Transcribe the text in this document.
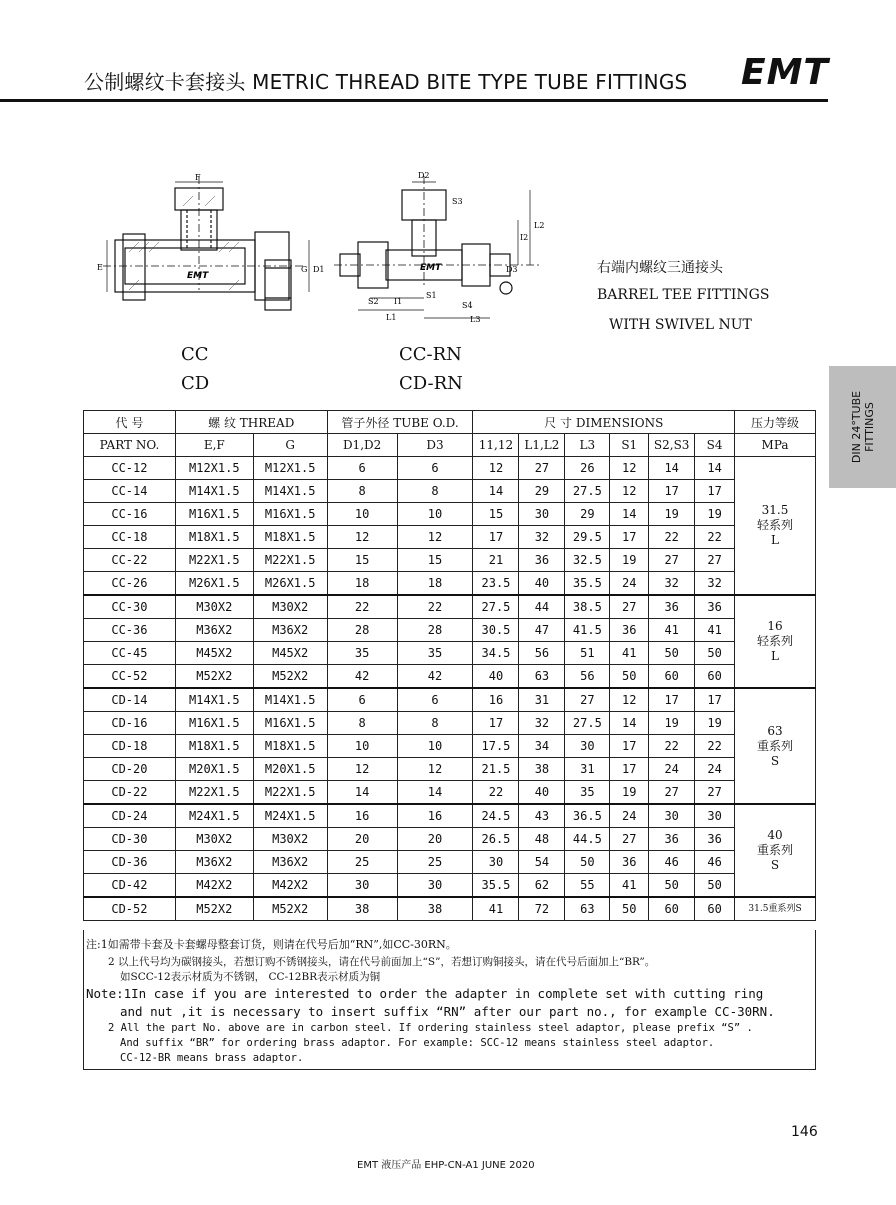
公制螺纹卡套接头 METRIC THREAD BITE TYPE TUBE FITTINGS EMT
DIN 24°TUBE FITTINGS
F
E	G D1
EMT
D2
S3
L2
I2
D3
S2 I1
S1
S4
L1	L3
EMT	右端内螺纹三通接头
BARREL TEE FITTINGS
WITH SWIVEL NUT
CC
CD
CC-RN
CD-RN
代 号	螺 纹 THREAD		管子外径 TUBE O.D.		尺 寸 DIMENSIONS						压力等级
PART NO.	E,F	G	D1,D2	D3	11,12	L1,L2	L3	S1	S2,S3	S4	MPa
CC-12	M12X1.5	M12X1.5	6	6	12	27	26	12	14	14	31.5
轻系列
L

CC-14	M14X1.5	M14X1.5	8	8	14	29	27.5	12	17	17	
CC-16	M16X1.5	M16X1.5	10	10	15	30	29	14	19	19	
CC-18	M18X1.5	M18X1.5	12	12	17	32	29.5	17	22	22	
CC-22	M22X1.5	M22X1.5	15	15	21	36	32.5	19	27	27	
CC-26	M26X1.5	M26X1.5	18	18	23.5	40	35.5	24	32	32	
CC-30	M30X2	M30X2	22	22	27.5	44	38.5	27	36	36	16
轻系列
L

CC-36	M36X2	M36X2	28	28	30.5	47	41.5	36	41	41	
CC-45	M45X2	M45X2	35	35	34.5	56	51	41	50	50	
CC-52	M52X2	M52X2	42	42	40	63	56	50	60	60	
CD-14	M14X1.5	M14X1.5	6	6	16	31	27	12	17	17	63
重系列
S

CD-16	M16X1.5	M16X1.5	8	8	17	32	27.5	14	19	19	
CD-18	M18X1.5	M18X1.5	10	10	17.5	34	30	17	22	22	
CD-20	M20X1.5	M20X1.5	12	12	21.5	38	31	17	24	24	
CD-22	M22X1.5	M22X1.5	14	14	22	40	35	19	27	27	
CD-24	M24X1.5	M24X1.5	16	16	24.5	43	36.5	24	30	30	40
重系列
S

CD-30	M30X2	M30X2	20	20	26.5	48	44.5	27	36	36	
CD-36	M36X2	M36X2	25	25	30	54	50	36	46	46	
CD-42	M42X2	M42X2	30	30	35.5	62	55	41	50	50	
CD-52	M52X2	M52X2	38	38	41	72	63	50	60	60	31.5重系列S
注:1如需带卡套及卡套螺母整套订货，则请在代号后加“RN”,如CC-30RN。
2 以上代号均为碳钢接头，若想订购不锈钢接头，请在代号前面加上“S”，若想订购铜接头，请在代号后面加上“BR”。
如SCC-12表示材质为不锈钢， CC-12BR表示材质为铜
Note:1In case if you are interested to order the adapter in complete set with cutting ring
and nut ,it is necessary to insert suffix “RN” after our part no., for example CC-30RN.
2 All the part No. above are in carbon steel. If ordering stainless steel adaptor, please prefix “S” .
And suffix “BR” for ordering brass adaptor. For example: SCC-12 means stainless steel adaptor.
CC-12-BR means brass adaptor.
146
EMT 液压产品 EHP-CN-A1 JUNE 2020
